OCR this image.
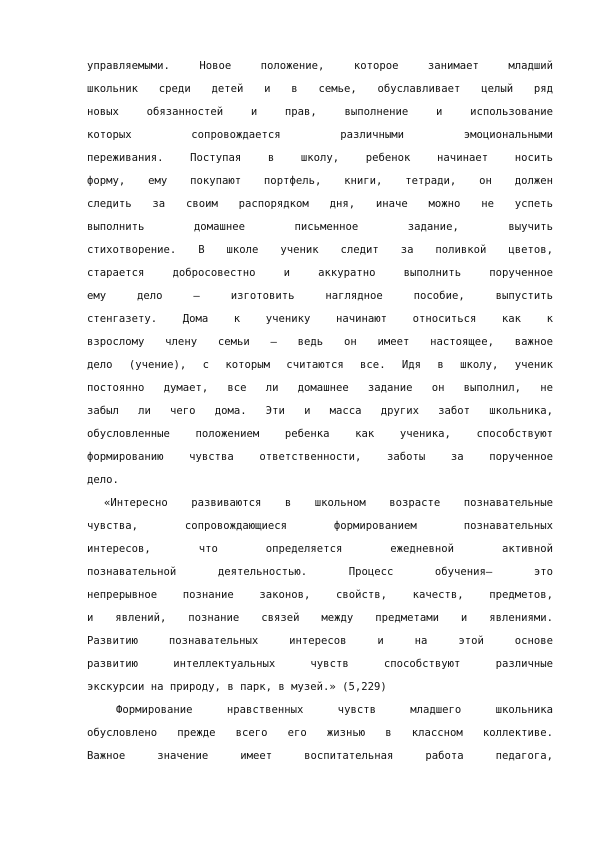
управляемыми. Новое положение, которое занимает младший
школьник среди детей и в семье, обуславливает целый ряд
новых обязанностей и прав, выполнение и использование
которых сопровождается различными эмоциональными
переживания. Поступая в школу, ребенок начинает носить
форму, ему покупают портфель, книги, тетради, он должен
следить за своим распорядком дня, иначе можно не успеть
выполнить домашнее письменное задание, выучить
стихотворение. В школе ученик следит за поливкой цветов,
старается добросовестно и аккуратно выполнить порученное
ему дело – изготовить наглядное пособие, выпустить
стенгазету. Дома к ученику начинают относиться как к
взрослому члену семьи – ведь он имеет настоящее, важное
дело (учение), с которым считаются все. Идя в школу, ученик
постоянно думает, все ли домашнее задание он выполнил, не
забыл ли чего дома. Эти и масса других забот школьника,
обусловленные положением ребенка как ученика, способствуют
формированию чувства ответственности, заботы за порученное
дело.
«Интересно развиваются в школьном возрасте познавательные
чувства, сопровождающиеся формированием познавательных
интересов, что определяется ежедневной активной
познавательной деятельностью. Процесс обучения– это
непрерывное познание законов, свойств, качеств, предметов,
и явлений, познание связей между предметами и явлениями.
Развитию познавательных интересов и на этой основе
развитию интеллектуальных чувств способствуют различные
экскурсии на природу, в парк, в музей.» (5,229)
Формирование нравственных чувств младшего школьника
обусловлено прежде всего его жизнью в классном коллективе.
Важное значение имеет воспитательная работа педагога,
